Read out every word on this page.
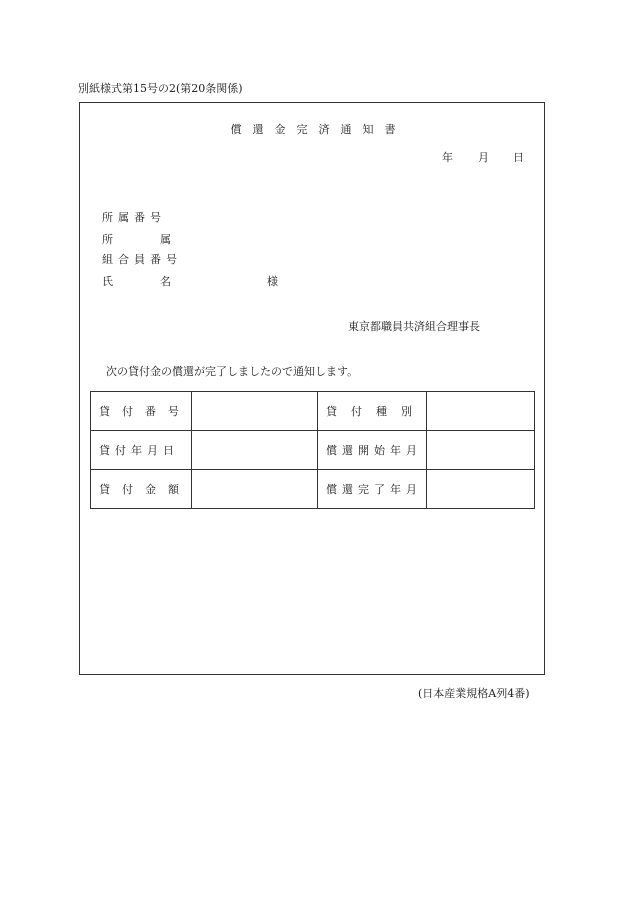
別紙様式第15号の2(第20条関係)
償還金完済通知書
年 月 日
所属番号
所	属
組合員番号
氏	名	様
東京都職員共済組合理事長
次の貸付金の償還が完了しましたので通知します。
貸付番号		貸付種別	
貸付年月日		償還開始年月	
貸付金額		償還完了年月	
(日本産業規格A列4番)
